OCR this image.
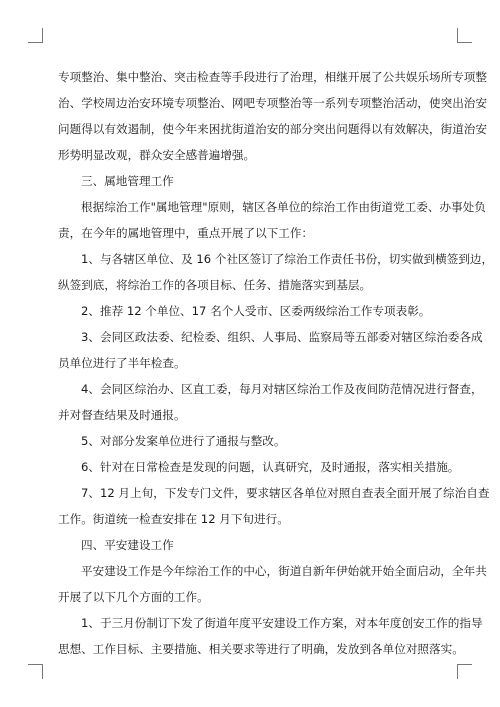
专项整治、集中整治、突击检查等手段进行了治理，相继开展了公共娱乐场所专项整
治、学校周边治安环境专项整治、网吧专项整治等一系列专项整治活动，使突出治安
问题得以有效遏制，使今年来困扰街道治安的部分突出问题得以有效解决，街道治安
形势明显改观，群众安全感普遍增强。
三、属地管理工作
根据综治工作"属地管理"原则，辖区各单位的综治工作由街道党工委、办事处负
责，在今年的属地管理中，重点开展了以下工作：
1、与各辖区单位、及 16 个社区签订了综治工作责任书份，切实做到横签到边，
纵签到底，将综治工作的各项目标、任务、措施落实到基层。
2、推荐 12 个单位、17 名个人受市、区委两级综治工作专项表彰。
3、会同区政法委、纪检委、组织、人事局、监察局等五部委对辖区综治委各成
员单位进行了半年检查。
4、会同区综治办、区直工委，每月对辖区综治工作及夜间防范情况进行督查，
并对督查结果及时通报。
5、对部分发案单位进行了通报与整改。
6、针对在日常检查是发现的问题，认真研究，及时通报，落实相关措施。
7、12 月上旬，下发专门文件，要求辖区各单位对照自查表全面开展了综治自查
工作。街道统一检查安排在 12 月下旬进行。
四、平安建设工作
平安建设工作是今年综治工作的中心，街道自新年伊始就开始全面启动，全年共
开展了以下几个方面的工作。
1、于三月份制订下发了街道年度平安建设工作方案，对本年度创安工作的指导
思想、工作目标、主要措施、相关要求等进行了明确，发放到各单位对照落实。
